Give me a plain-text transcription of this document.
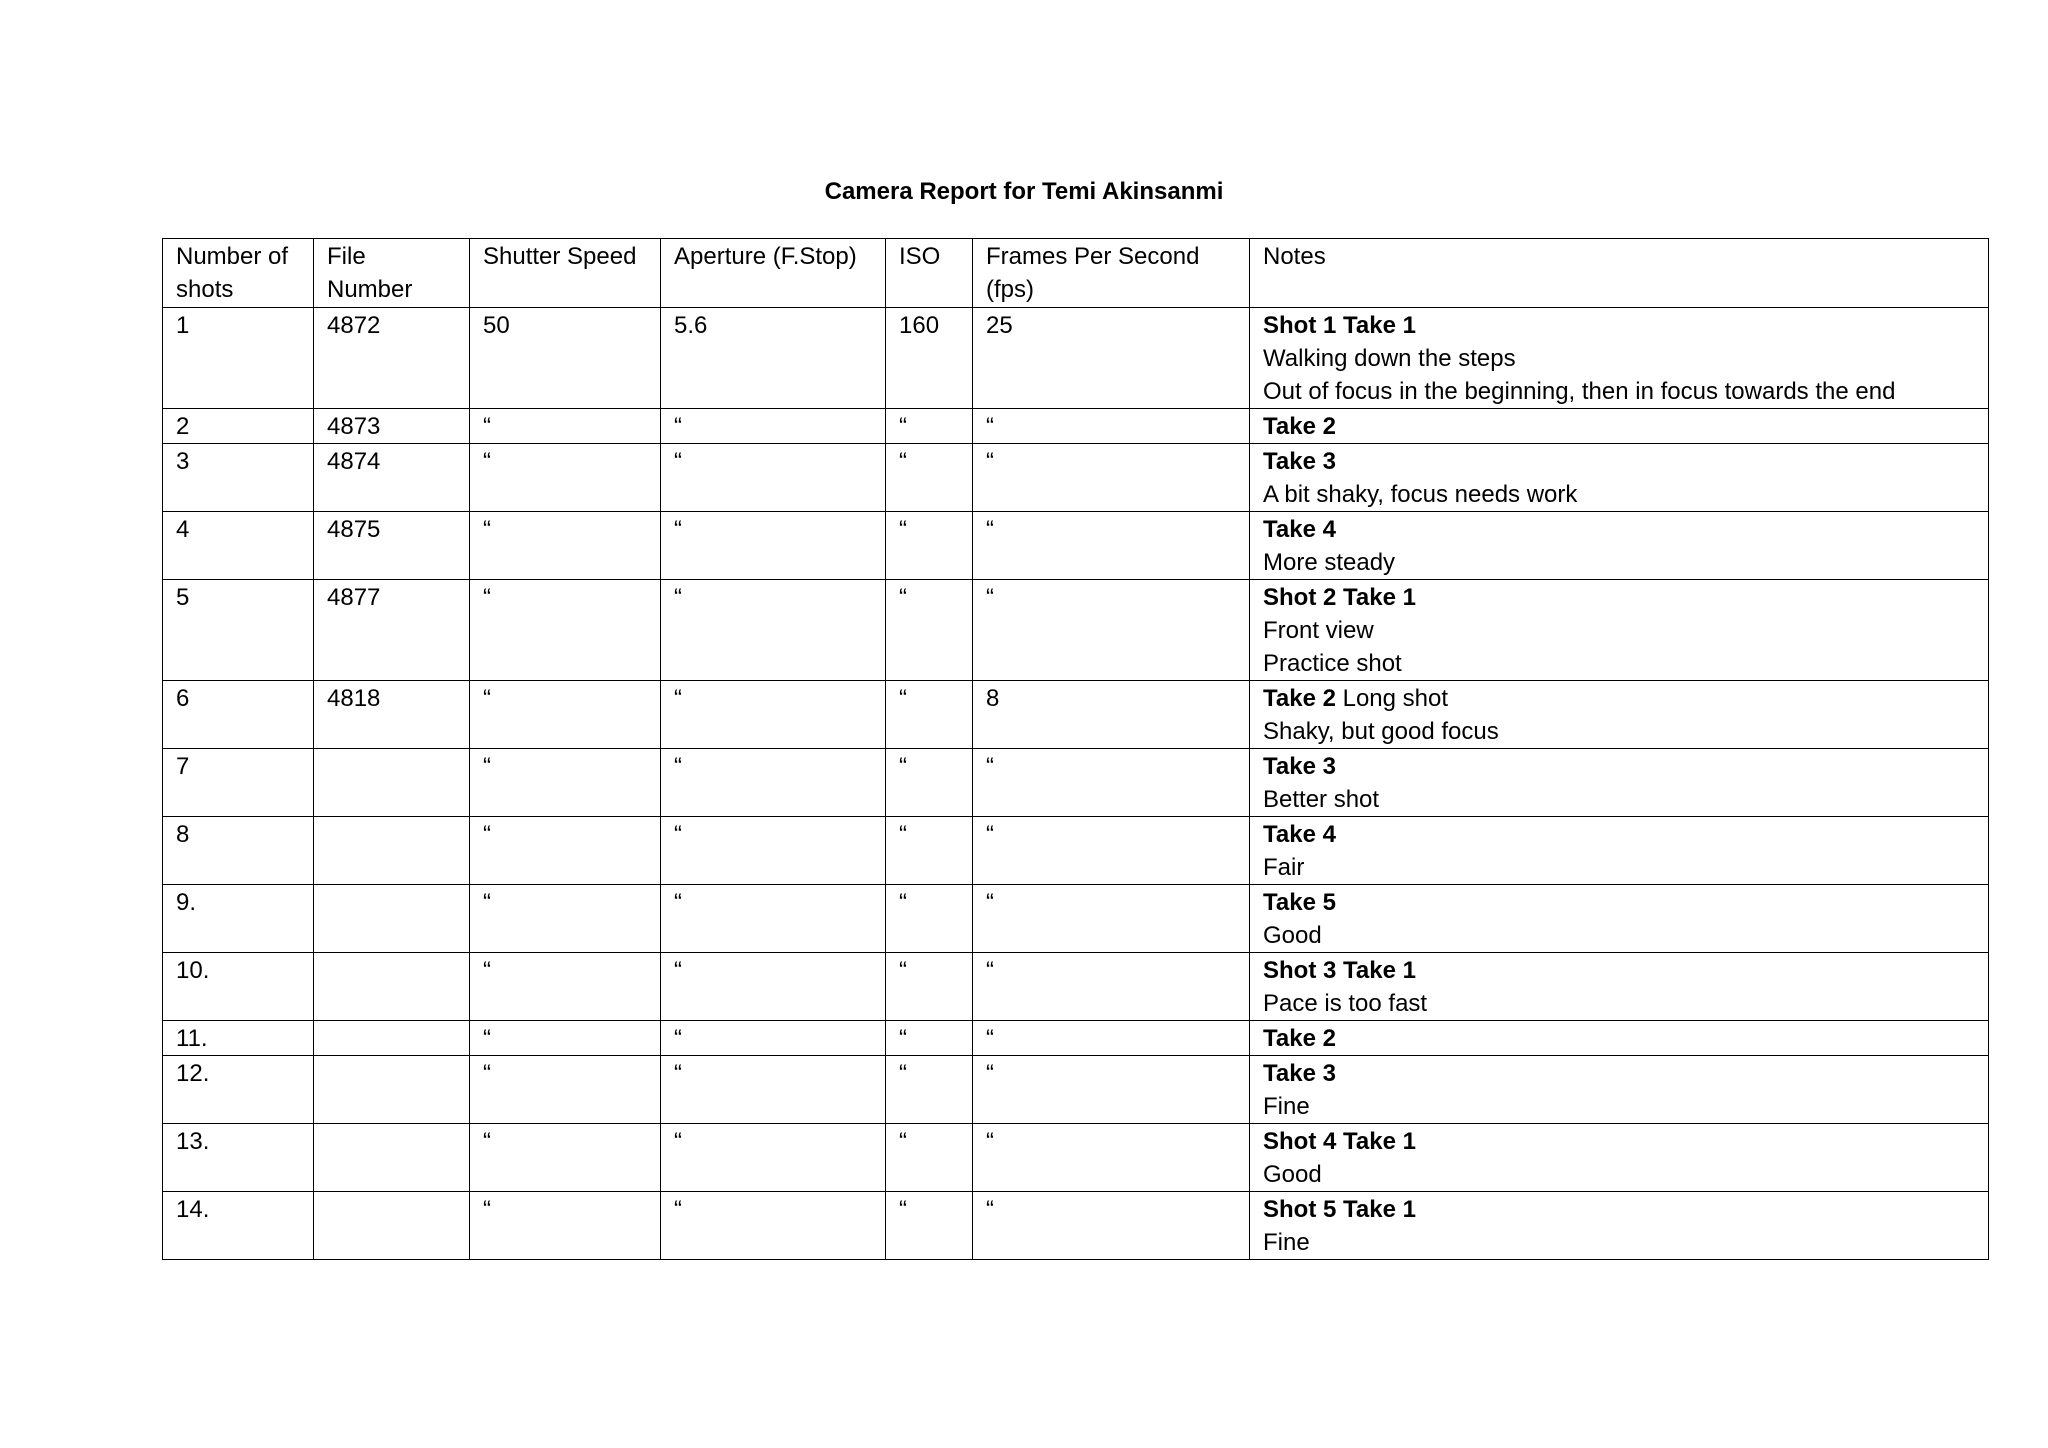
Camera Report for Temi Akinsanmi
Number of shots	File Number	Shutter Speed	Aperture (F.Stop)	ISO	Frames Per Second (fps)	Notes
1	4872	50	5.6	160	25	Shot 1 Take 1
Walking down the steps
Out of focus in the beginning, then in focus towards the end

2	4873	“	“	“	“	Take 2

3	4874	“	“	“	“	Take 3
A bit shaky, focus needs work

4	4875	“	“	“	“	Take 4
More steady

5	4877	“	“	“	“	Shot 2 Take 1
Front view
Practice shot

6	4818	“	“	“	8	Take 2 Long shot
Shaky, but good focus

7		“	“	“	“	Take 3
Better shot

8		“	“	“	“	Take 4
Fair

9.		“	“	“	“	Take 5
Good

10.		“	“	“	“	Shot 3 Take 1
Pace is too fast

11.		“	“	“	“	Take 2

12.		“	“	“	“	Take 3
Fine

13.		“	“	“	“	Shot 4 Take 1
Good

14.		“	“	“	“	Shot 5 Take 1
Fine
